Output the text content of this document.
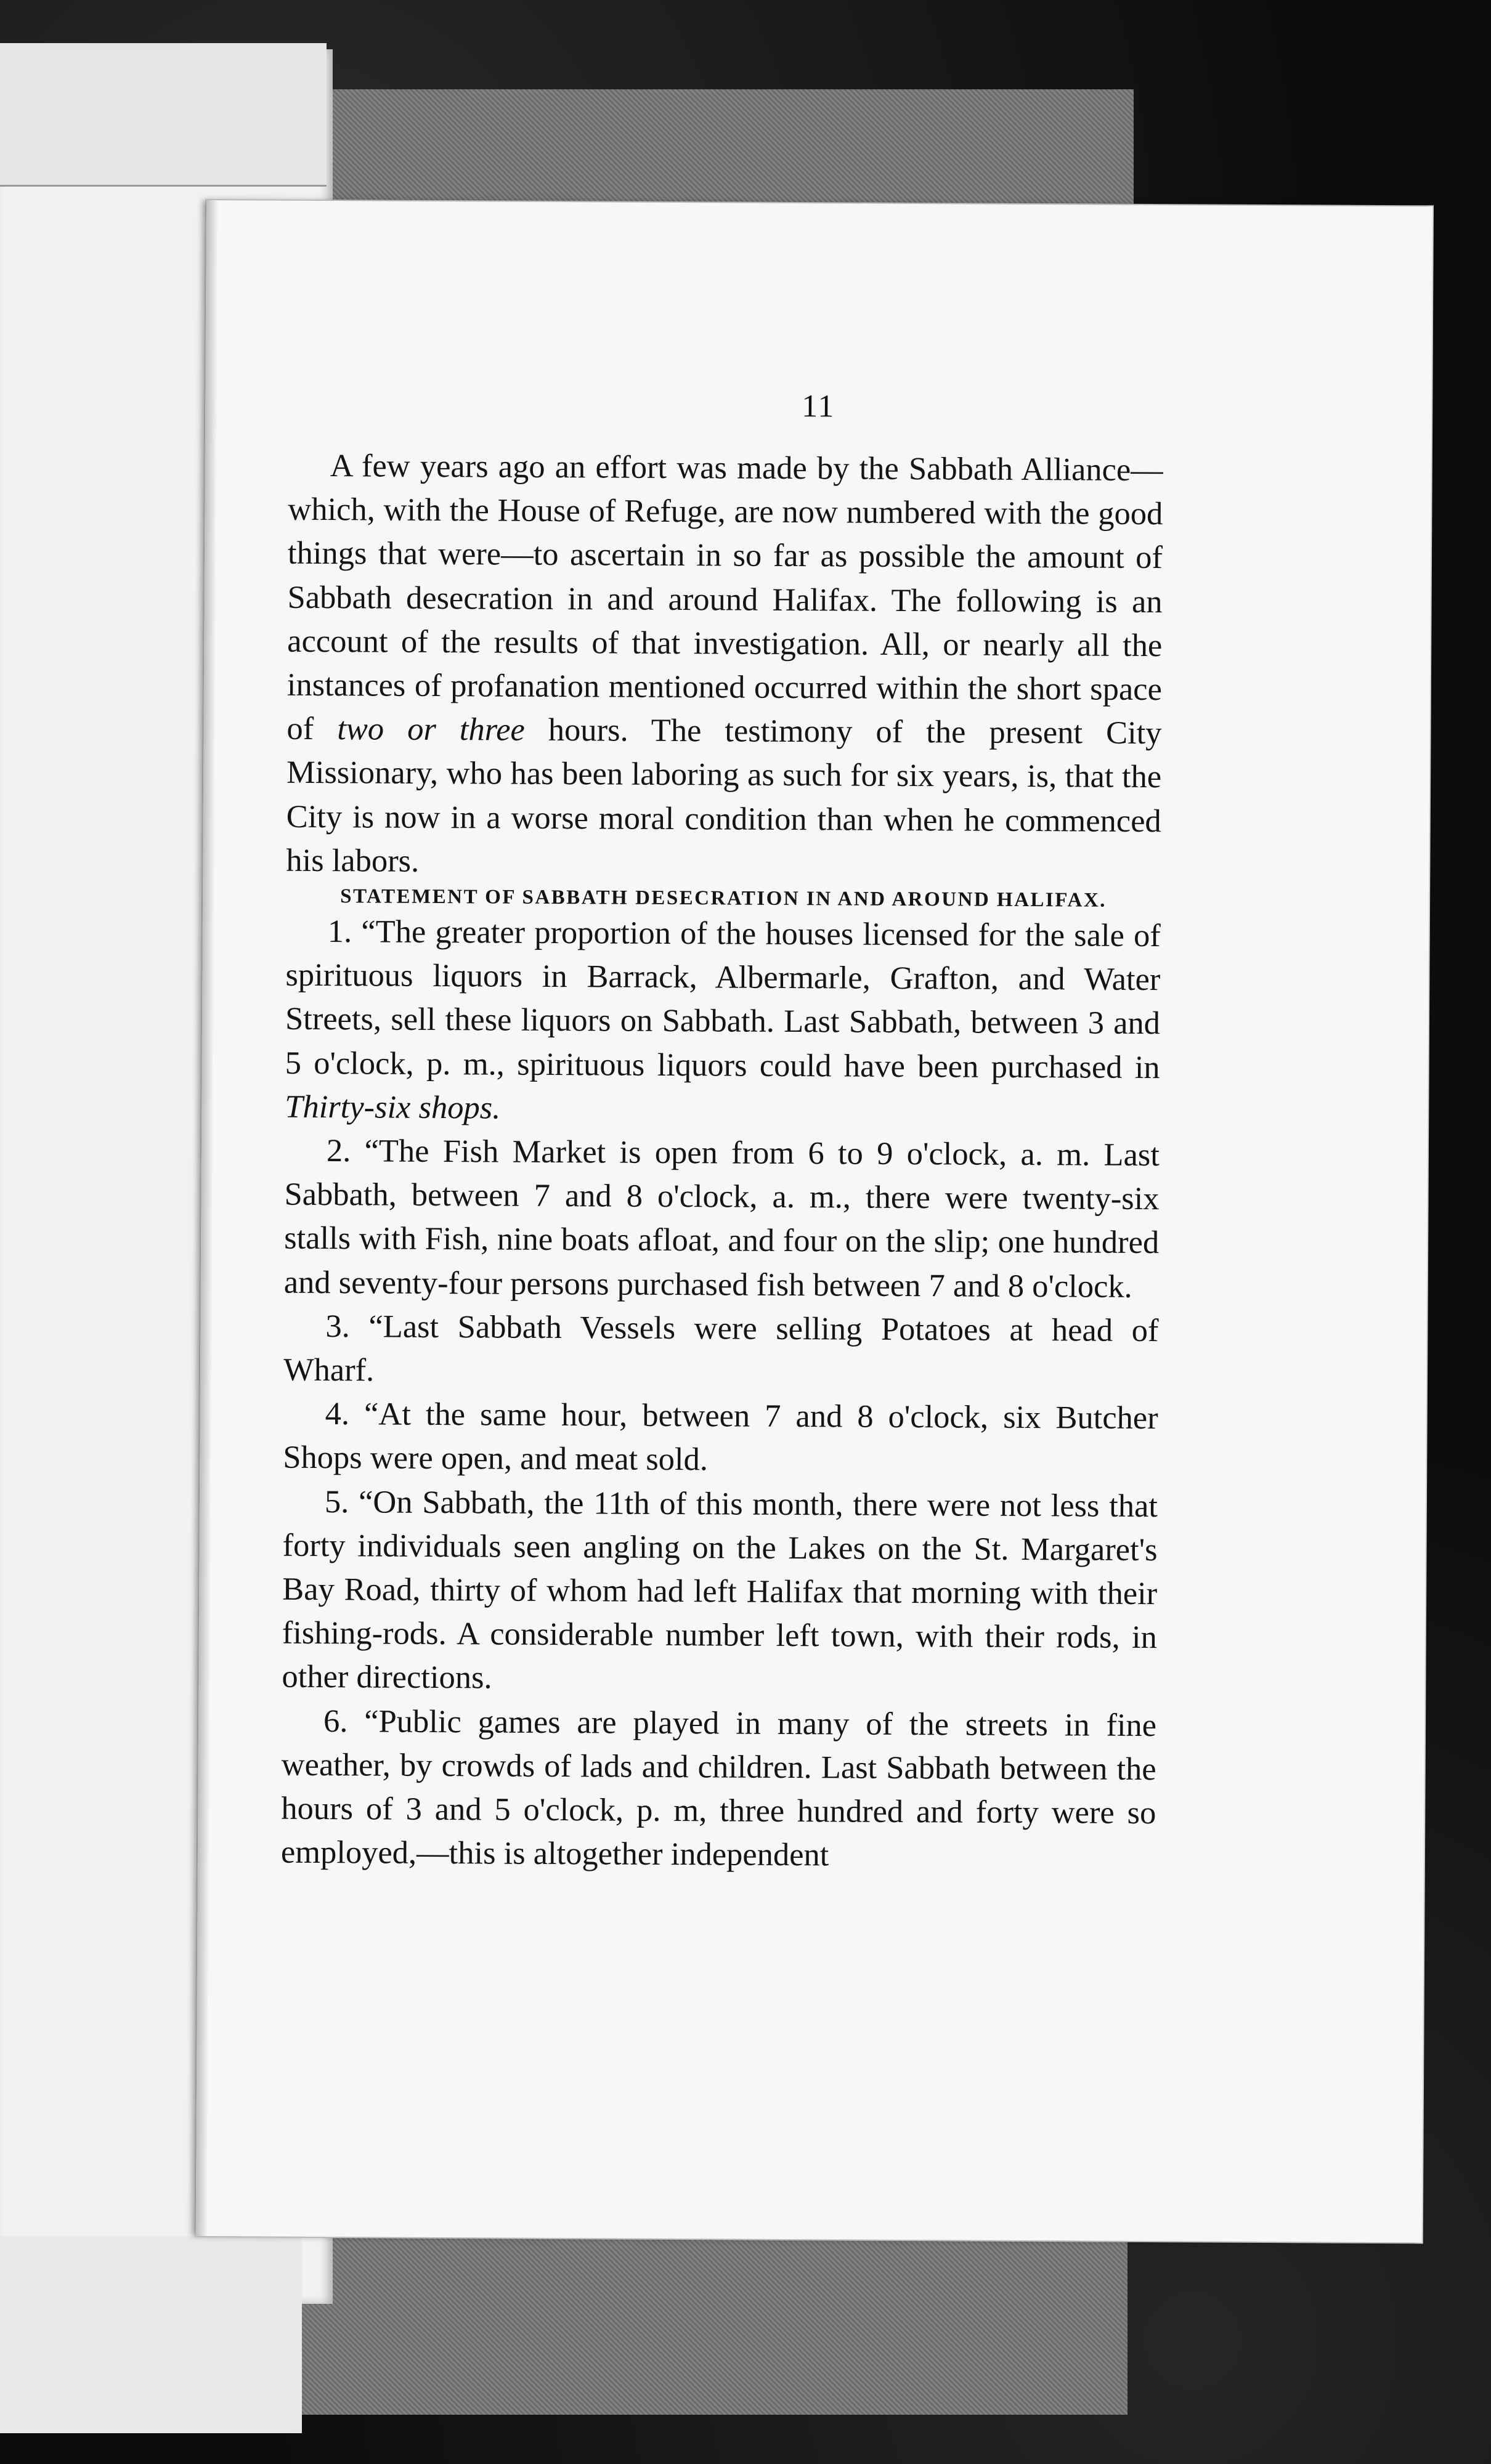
11

A few years ago an effort was made by the Sabbath Alliance—which, with the House of Refuge, are now numbered with the good things that were—to ascertain in so far as possible the amount of Sabbath desecration in and around Halifax. The following is an account of the results of that investigation. All, or nearly all the instances of profanation mentioned occurred within the short space of two or three hours. The testimony of the present City Missionary, who has been laboring as such for six years, is, that the City is now in a worse moral condition than when he commenced his labors.

STATEMENT OF SABBATH DESECRATION IN AND AROUND HALIFAX.

1. “The greater proportion of the houses licensed for the sale of spirituous liquors in Barrack, Albermarle, Grafton, and Water Streets, sell these liquors on Sabbath. Last Sabbath, between 3 and 5 o'clock, p. m., spirituous liquors could have been purchased in Thirty-six shops.

2. “The Fish Market is open from 6 to 9 o'clock, a. m. Last Sabbath, between 7 and 8 o'clock, a. m., there were twenty-six stalls with Fish, nine boats afloat, and four on the slip; one hundred and seventy-four persons purchased fish between 7 and 8 o'clock.

3. “Last Sabbath Vessels were selling Potatoes at head of Wharf.

4. “At the same hour, between 7 and 8 o'clock, six Butcher Shops were open, and meat sold.

5. “On Sabbath, the 11th of this month, there were not less that forty individuals seen angling on the Lakes on the St. Margaret's Bay Road, thirty of whom had left Halifax that morning with their fishing-rods. A considerable number left town, with their rods, in other directions.

6. “Public games are played in many of the streets in fine weather, by crowds of lads and children. Last Sabbath between the hours of 3 and 5 o'clock, p. m, three hundred and forty were so employed,—this is altogether independent
